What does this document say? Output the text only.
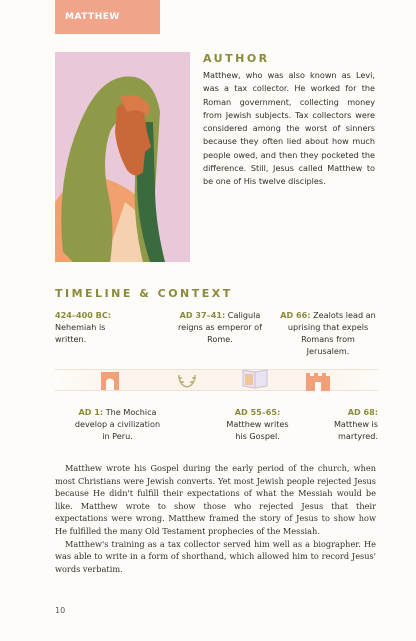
MATTHEW
AUTHOR
Matthew, who was also known as Levi, was a tax collector. He worked for the Roman government, collecting money from Jewish subjects. Tax collectors were considered among the worst of sinners because they often lied about how much people owed, and then they pocketed the difference. Still, Jesus called Matthew to be one of His twelve disciples.
TIMELINE & CONTEXT
424–400 BC: Nehemiah is written.
AD 37–41: Caligula reigns as emperor of Rome.
AD 66: Zealots lead an uprising that expels Romans from Jerusalem.
AD 1: The Mochica develop a civilization in Peru.
AD 55–65: Matthew writes his Gospel.
AD 68: Matthew is martyred.

Matthew wrote his Gospel during the early period of the church, when most Christians were Jewish converts. Yet most Jewish people rejected Jesus because He didn't fulfill their expectations of what the Messiah would be like. Matthew wrote to show those who rejected Jesus that their expectations were wrong. Matthew framed the story of Jesus to show how He fulfilled the many Old Testament prophecies of the Messiah.

Matthew's training as a tax collector served him well as a biographer. He was able to write in a form of shorthand, which allowed him to record Jesus' words verbatim.

10
